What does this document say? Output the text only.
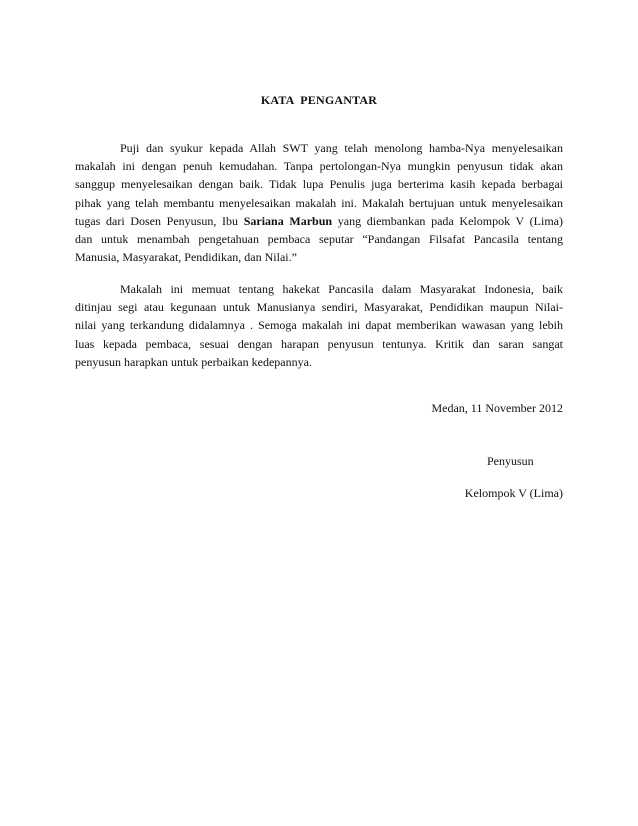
KATA  PENGANTAR
Puji dan syukur kepada Allah SWT yang telah menolong hamba-Nya menyelesaikan
makalah ini dengan penuh kemudahan. Tanpa pertolongan-Nya mungkin penyusun tidak akan
sanggup menyelesaikan dengan baik. Tidak lupa Penulis juga berterima kasih kepada berbagai
pihak yang telah membantu menyelesaikan makalah ini. Makalah bertujuan untuk menyelesaikan
tugas dari Dosen Penyusun, Ibu Sariana Marbun yang diembankan pada Kelompok V (Lima)
dan untuk menambah pengetahuan pembaca seputar “Pandangan Filsafat Pancasila tentang
Manusia, Masyarakat, Pendidikan, dan Nilai.”
Makalah ini memuat tentang hakekat Pancasila dalam Masyarakat Indonesia, baik
ditinjau segi atau kegunaan untuk Manusianya sendiri, Masyarakat, Pendidikan maupun Nilai-
nilai yang terkandung didalamnya . Semoga makalah ini dapat memberikan wawasan yang lebih
luas kepada pembaca, sesuai dengan harapan penyusun tentunya. Kritik dan saran sangat
penyusun harapkan untuk perbaikan kedepannya.
Medan, 11 November 2012
Penyusun
Kelompok V (Lima)
